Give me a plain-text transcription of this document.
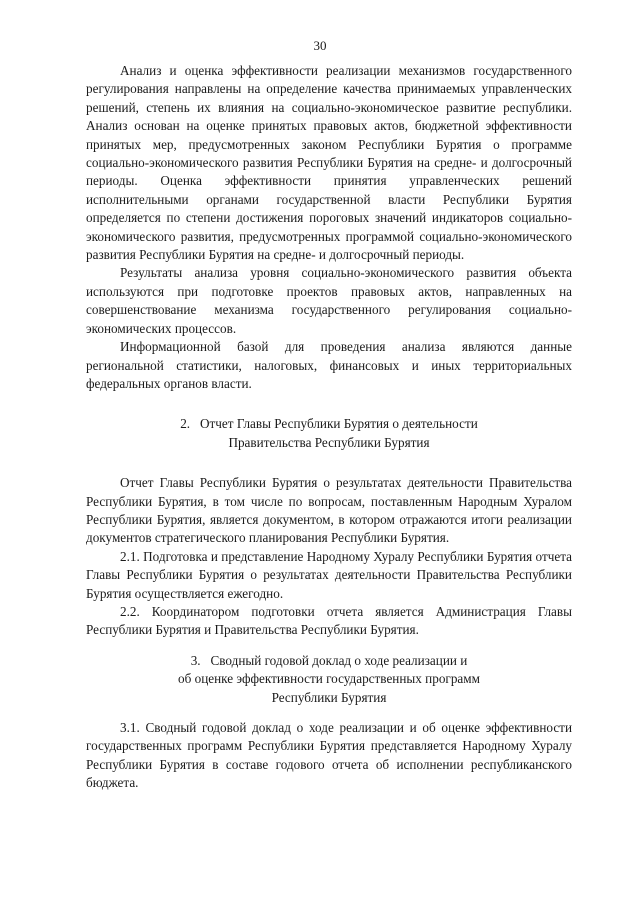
30

Анализ и оценка эффективности реализации механизмов государственного регулирования направлены на определение качества принимаемых управленческих решений, степень их влияния на социально-экономическое развитие республики. Анализ основан на оценке принятых правовых актов, бюджетной эффективности принятых мер, предусмотренных законом Республики Бурятия о программе социально-экономического развития Республики Бурятия на средне- и долгосрочный периоды. Оценка эффективности принятия управленческих решений исполнительными органами государственной власти Республики Бурятия определяется по степени достижения пороговых значений индикаторов социально-экономического развития, предусмотренных программой социально-экономического развития Республики Бурятия на средне- и долгосрочный периоды.

Результаты анализа уровня социально-экономического развития объекта используются при подготовке проектов правовых актов, направленных на совершенствование механизма государственного регулирования социально-экономических процессов.

Информационной базой для проведения анализа являются данные региональной статистики, налоговых, финансовых и иных территориальных федеральных органов власти.

2.   Отчет Главы Республики Бурятия о деятельности

Правительства Республики Бурятия

Отчет Главы Республики Бурятия о результатах деятельности Правительства Республики Бурятия, в том числе по вопросам, поставленным Народным Хуралом Республики Бурятия, является документом, в котором отражаются итоги реализации документов стратегического планирования Республики Бурятия.

2.1. Подготовка и представление Народному Хуралу Республики Бурятия отчета Главы Республики Бурятия о результатах деятельности Правительства Республики Бурятия осуществляется ежегодно.

2.2. Координатором подготовки отчета является Администрация Главы Республики Бурятия и Правительства Республики Бурятия.

3.   Сводный годовой доклад о ходе реализации и

об оценке эффективности государственных программ

Республики Бурятия

3.1. Сводный годовой доклад о ходе реализации и об оценке эффективности государственных программ Республики Бурятия представляется Народному Хуралу Республики Бурятия в составе годового отчета об исполнении республиканского бюджета.
